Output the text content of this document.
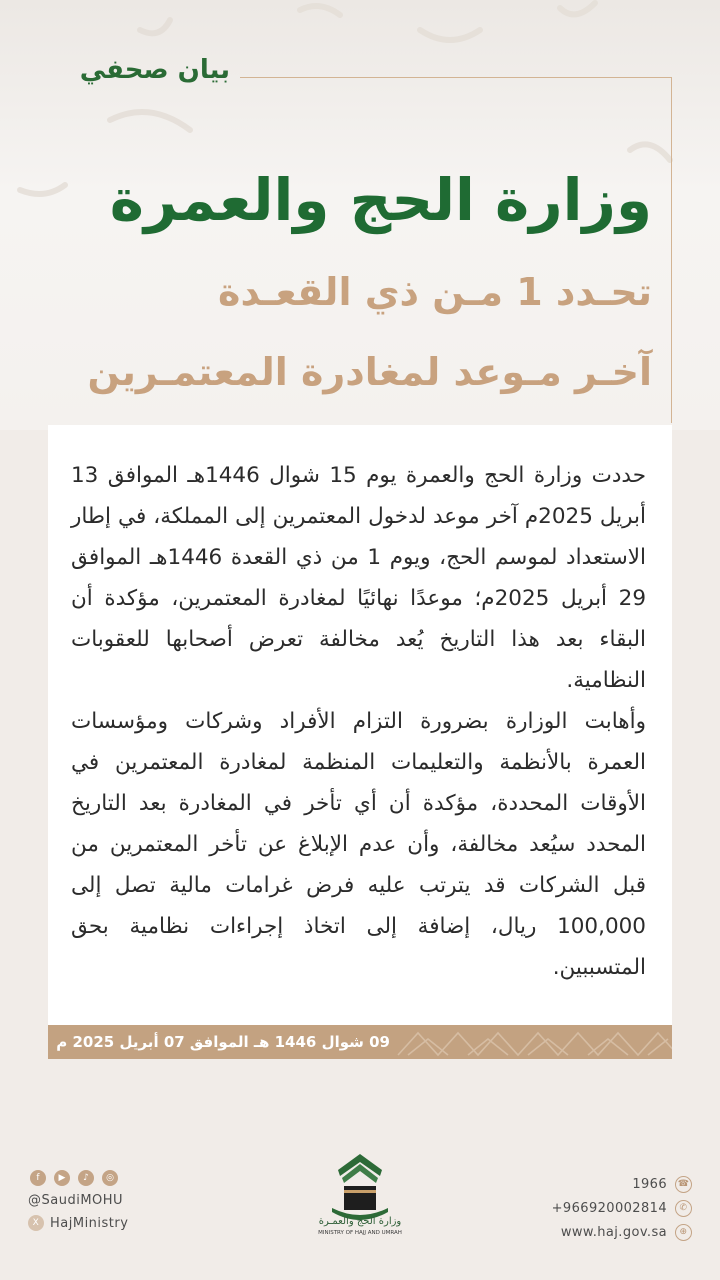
بيان صحفي
وزارة الحج والعمرة
تحـدد 1 مـن ذي القعـدة
آخـر مـوعد لمغادرة المعتمـرين

حددت وزارة الحج والعمرة يوم 15 شوال 1446هـ الموافق 13 أبريل 2025م آخر موعد لدخول المعتمرين إلى المملكة، في إطار الاستعداد لموسم الحج، ويوم 1 من ذي القعدة 1446هـ الموافق 29 أبريل 2025م؛ موعدًا نهائيًا لمغادرة المعتمرين، مؤكدة أن البقاء بعد هذا التاريخ يُعد مخالفة تعرض أصحابها للعقوبات النظامية.

وأهابت الوزارة بضرورة التزام الأفراد وشركات ومؤسسات العمرة بالأنظمة والتعليمات المنظمة لمغادرة المعتمرين في الأوقات المحددة، مؤكدة أن أي تأخر في المغادرة بعد التاريخ المحدد سيُعد مخالفة، وأن عدم الإبلاغ عن تأخر المعتمرين من قبل الشركات قد يترتب عليه فرض غرامات مالية تصل إلى 100,000 ريال، إضافة إلى اتخاذ إجراءات نظامية بحق المتسببين.

09 شوال 1446 هـ الموافق 07 أبريل 2025 م
f	▶	♪	◎
@SaudiMOHU
X HajMinistry	وزارة الحج والعمـرة
MINISTRY OF HAJJ AND UMRAH
1966 ☎
+966920002814	✆
www.haj.gov.sa	⊕
